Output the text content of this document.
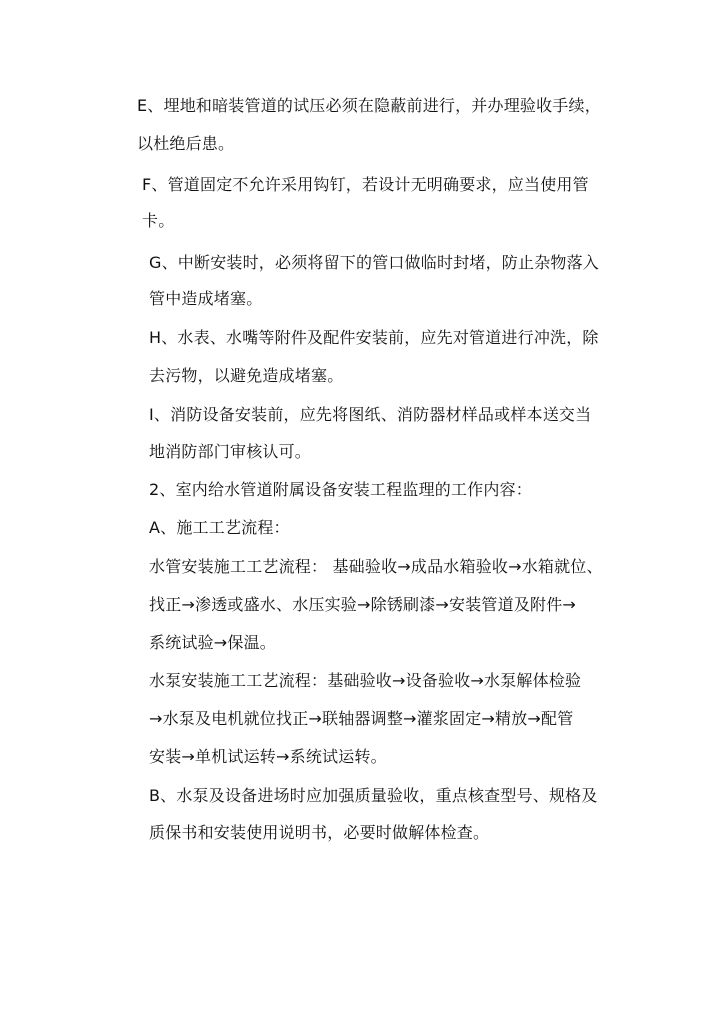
E、埋地和暗装管道的试压必须在隐蔽前进行，并办理验收手续，
以杜绝后患。
F、管道固定不允许采用钩钉，若设计无明确要求，应当使用管
卡。
G、中断安装时，必须将留下的管口做临时封堵，防止杂物落入
管中造成堵塞。
H、水表、水嘴等附件及配件安装前，应先对管道进行冲洗，除
去污物，以避免造成堵塞。
I、消防设备安装前，应先将图纸、消防器材样品或样本送交当
地消防部门审核认可。
2、室内给水管道附属设备安装工程监理的工作内容：
A、施工工艺流程：
水管安装施工工艺流程： 基础验收→成品水箱验收→水箱就位、
找正→渗透或盛水、水压实验→除锈刷漆→安装管道及附件→
系统试验→保温。
水泵安装施工工艺流程：基础验收→设备验收→水泵解体检验
→水泵及电机就位找正→联轴器调整→灌浆固定→精放→配管
安装→单机试运转→系统试运转。
B、水泵及设备进场时应加强质量验收，重点核查型号、规格及
质保书和安装使用说明书，必要时做解体检查。
